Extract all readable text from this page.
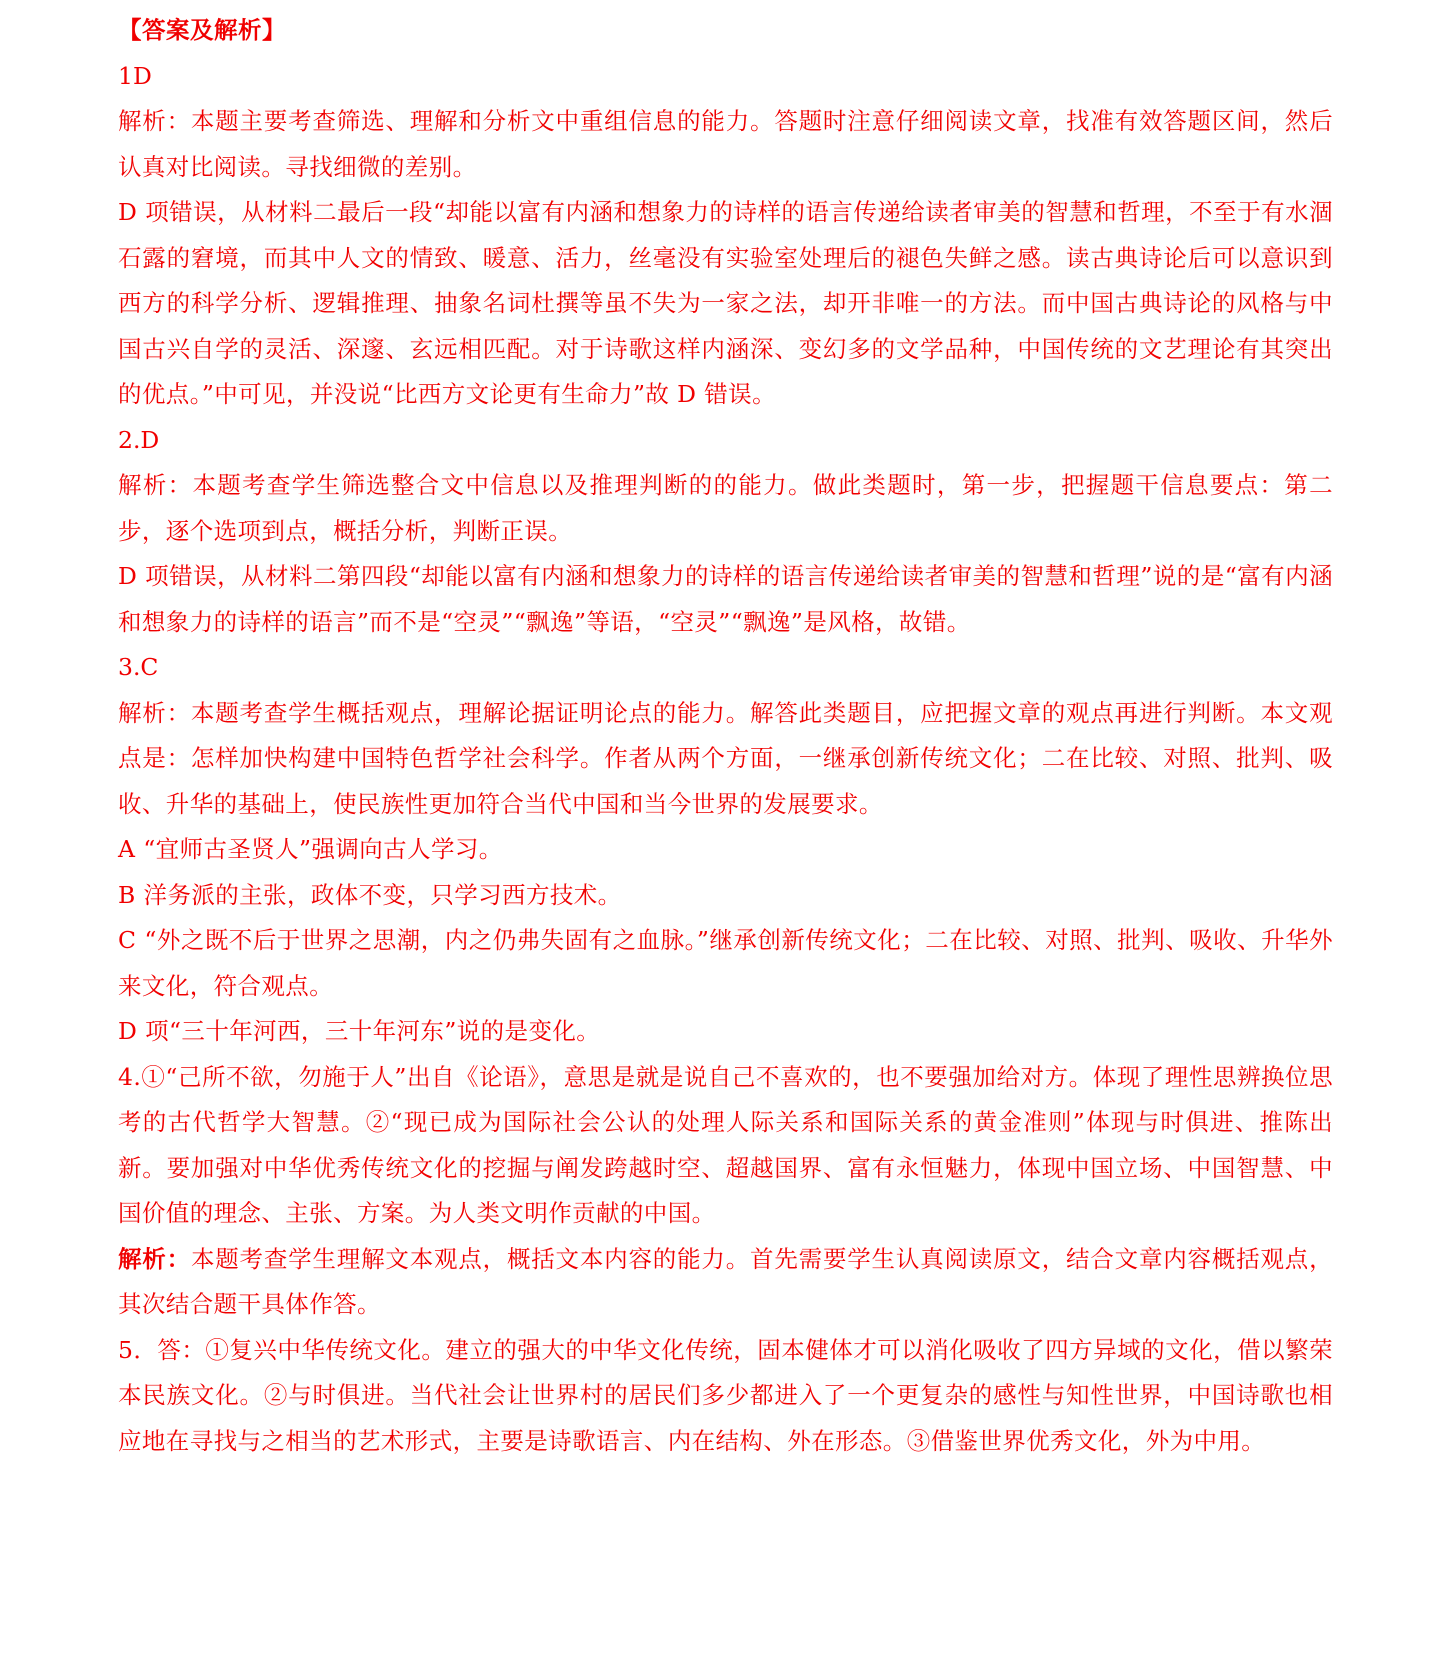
【答案及解析】

1D

解析：本题主要考查筛选、理解和分析文中重组信息的能力。答题时注意仔细阅读文章，找准有效答题区间，然后认真对比阅读。寻找细微的差别。

D 项错误，从材料二最后一段“却能以富有内涵和想象力的诗样的语言传递给读者审美的智慧和哲理，不至于有水涸石露的窘境，而其中人文的情致、暖意、活力，丝毫没有实验室处理后的褪色失鲜之感。读古典诗论后可以意识到西方的科学分析、逻辑推理、抽象名词杜撰等虽不失为一家之法，却开非唯一的方法。而中国古典诗论的风格与中国古兴自学的灵活、深邃、玄远相匹配。对于诗歌这样内涵深、变幻多的文学品种，中国传统的文艺理论有其突出的优点。”中可见，并没说“比西方文论更有生命力”故 D 错误。

2.D

解析：本题考查学生筛选整合文中信息以及推理判断的的能力。做此类题时，第一步，把握题干信息要点：第二步，逐个选项到点，概括分析，判断正误。

D 项错误，从材料二第四段“却能以富有内涵和想象力的诗样的语言传递给读者审美的智慧和哲理”说的是“富有内涵和想象力的诗样的语言”而不是“空灵”“飘逸”等语，“空灵”“飘逸”是风格，故错。

3.C

解析：本题考查学生概括观点，理解论据证明论点的能力。解答此类题目，应把握文章的观点再进行判断。本文观点是：怎样加快构建中国特色哲学社会科学。作者从两个方面，一继承创新传统文化；二在比较、对照、批判、吸收、升华的基础上，使民族性更加符合当代中国和当今世界的发展要求。

A “宜师古圣贤人”强调向古人学习。

B 洋务派的主张，政体不变，只学习西方技术。

C “外之既不后于世界之思潮，内之仍弗失固有之血脉。”继承创新传统文化；二在比较、对照、批判、吸收、升华外来文化，符合观点。

D 项“三十年河西，三十年河东”说的是变化。

4.①“己所不欲，勿施于人”出自《论语》，意思是就是说自己不喜欢的，也不要强加给对方。体现了理性思辨换位思考的古代哲学大智慧。②“现已成为国际社会公认的处理人际关系和国际关系的黄金准则”体现与时俱进、推陈出新。要加强对中华优秀传统文化的挖掘与阐发跨越时空、超越国界、富有永恒魅力，体现中国立场、中国智慧、中国价值的理念、主张、方案。为人类文明作贡献的中国。

解析：本题考查学生理解文本观点，概括文本内容的能力。首先需要学生认真阅读原文，结合文章内容概括观点，其次结合题干具体作答。

5．答：①复兴中华传统文化。建立的强大的中华文化传统，固本健体才可以消化吸收了四方异域的文化，借以繁荣本民族文化。②与时俱进。当代社会让世界村的居民们多少都进入了一个更复杂的感性与知性世界，中国诗歌也相应地在寻找与之相当的艺术形式，主要是诗歌语言、内在结构、外在形态。③借鉴世界优秀文化，外为中用。
